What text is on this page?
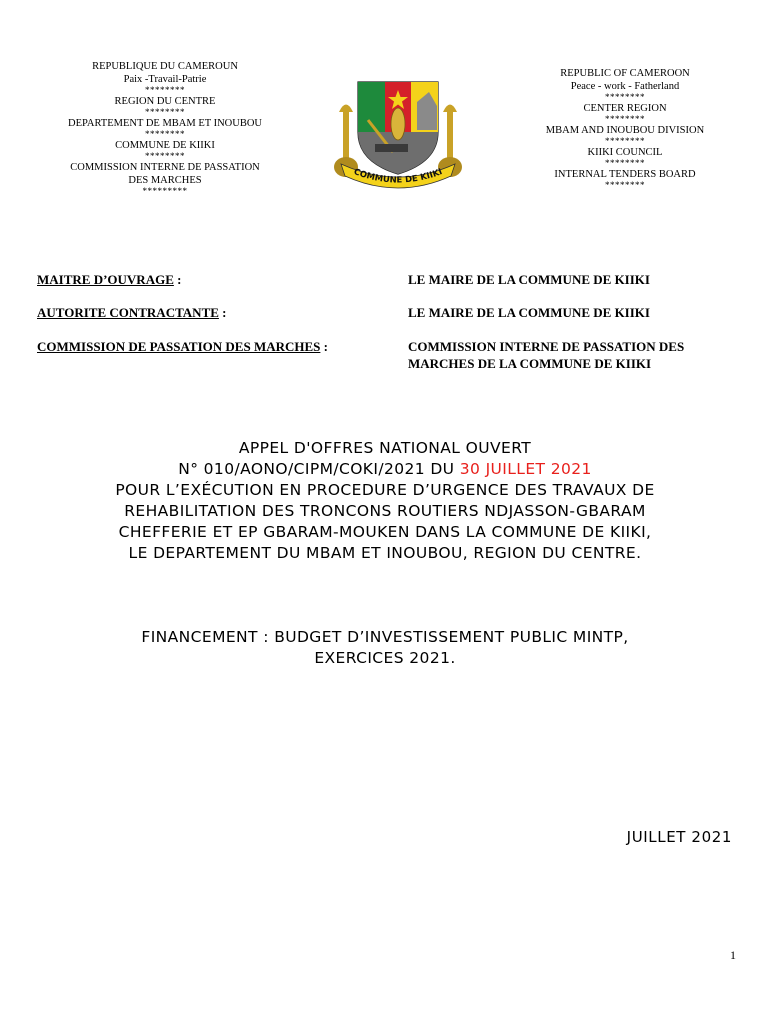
REPUBLIQUE DU CAMEROUN
Paix -Travail-Patrie
********
REGION DU CENTRE
********
DEPARTEMENT DE MBAM ET INOUBOU
********
COMMUNE DE KIIKI
********
COMMISSION INTERNE DE PASSATION
DES MARCHES
*********
COMMUNE DE KIIKI
REPUBLIC OF CAMEROON
Peace - work - Fatherland
********
CENTER REGION
********
MBAM AND INOUBOU DIVISION
********
KIIKI COUNCIL
********
INTERNAL TENDERS BOARD
********
MAITRE D’OUVRAGE :	LE MAIRE DE LA COMMUNE DE KIIKI
AUTORITE CONTRACTANTE :	LE MAIRE DE LA COMMUNE DE KIIKI
COMMISSION DE PASSATION DES MARCHES :	COMMISSION INTERNE DE PASSATION DES MARCHES DE LA COMMUNE DE KIIKI
APPEL D'OFFRES NATIONAL OUVERT
N° 010/AONO/CIPM/COKI/2021 DU 30 JUILLET 2021
POUR L’EXÉCUTION EN PROCEDURE D’URGENCE DES TRAVAUX DE
REHABILITATION DES TRONCONS ROUTIERS NDJASSON-GBARAM
CHEFFERIE ET EP GBARAM-MOUKEN DANS LA COMMUNE DE KIIKI,
LE DEPARTEMENT DU MBAM ET INOUBOU, REGION DU CENTRE.
FINANCEMENT : BUDGET D’INVESTISSEMENT PUBLIC MINTP,
EXERCICES 2021.
JUILLET 2021
1
